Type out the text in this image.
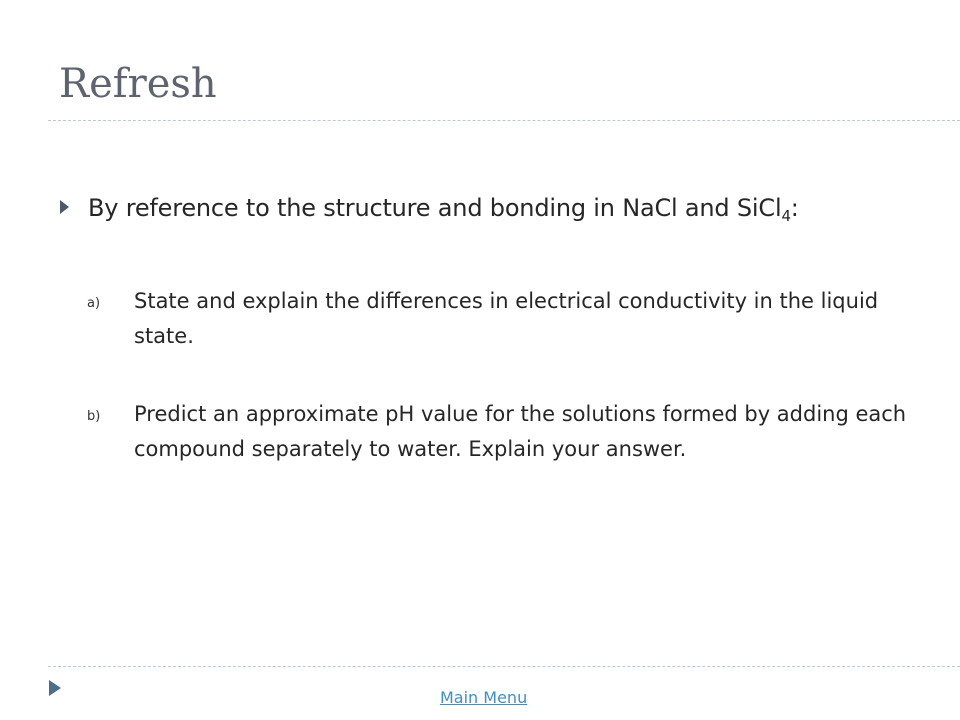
Refresh
By reference to the structure and bonding in NaCl and SiCl$_4$:
a) State and explain the differences in electrical conductivity in the liquid state.
b) Predict an approximate pH value for the solutions formed by adding each compound separately to water. Explain your answer.
Main Menu
